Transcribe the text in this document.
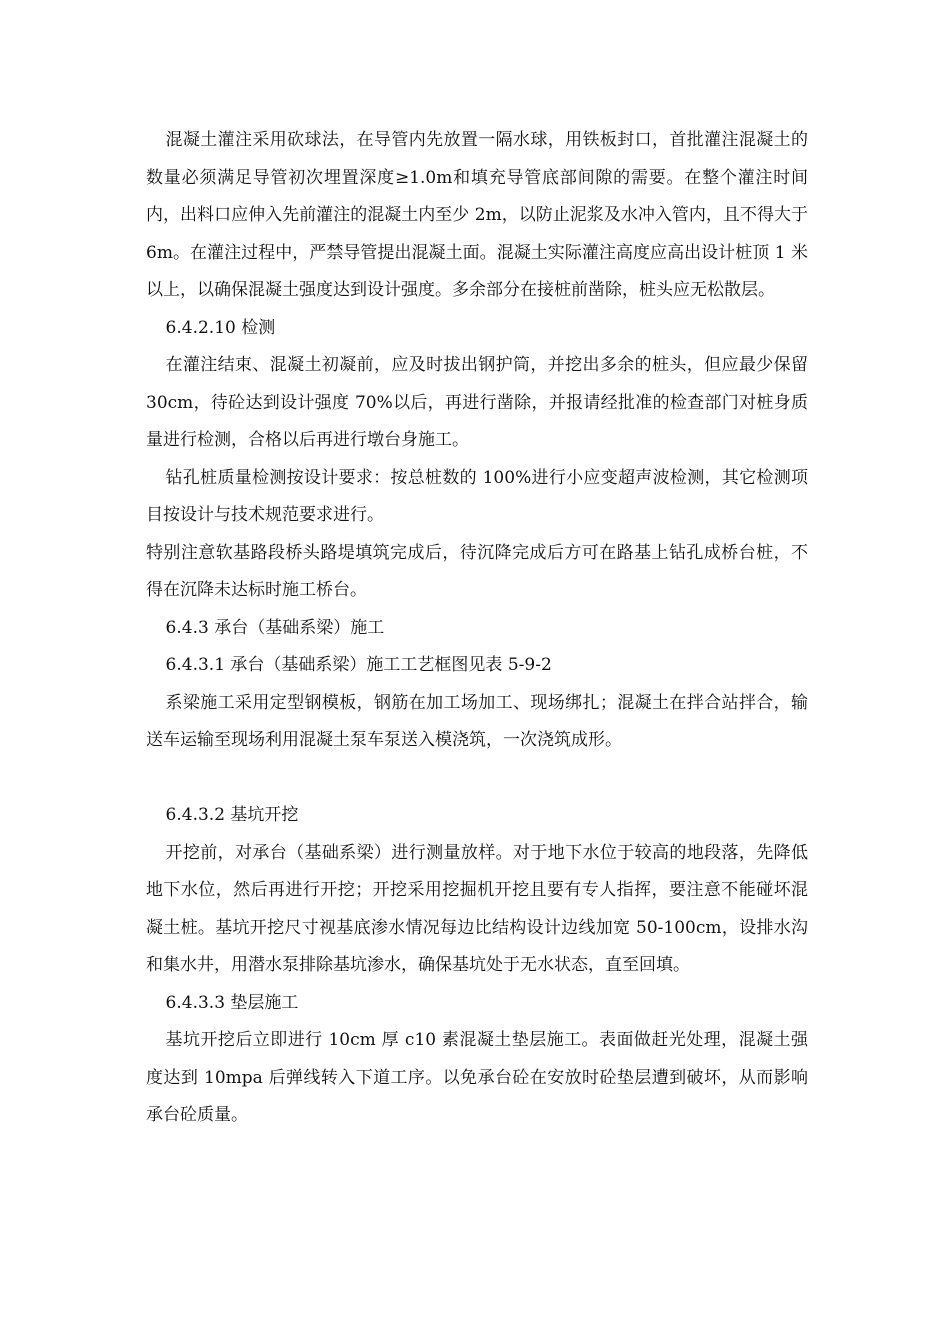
混凝土灌注采用砍球法，在导管内先放置一隔水球，用铁板封口，首批灌注混凝土的数量必须满足导管初次埋置深度≥1.0m和填充导管底部间隙的需要。在整个灌注时间内，出料口应伸入先前灌注的混凝土内至少 2m，以防止泥浆及水冲入管内，且不得大于 6m。在灌注过程中，严禁导管提出混凝土面。混凝土实际灌注高度应高出设计桩顶 1 米以上，以确保混凝土强度达到设计强度。多余部分在接桩前凿除，桩头应无松散层。

6.4.2.10 检测

在灌注结束、混凝土初凝前，应及时拔出钢护筒，并挖出多余的桩头，但应最少保留 30cm，待砼达到设计强度 70%以后，再进行凿除，并报请经批准的检查部门对桩身质量进行检测，合格以后再进行墩台身施工。

钻孔桩质量检测按设计要求：按总桩数的 100%进行小应变超声波检测，其它检测项目按设计与技术规范要求进行。

特别注意软基路段桥头路堤填筑完成后，待沉降完成后方可在路基上钻孔成桥台桩，不得在沉降未达标时施工桥台。

6.4.3 承台（基础系梁）施工

6.4.3.1 承台（基础系梁）施工工艺框图见表 5-9-2

系梁施工采用定型钢模板，钢筋在加工场加工、现场绑扎；混凝土在拌合站拌合，输送车运输至现场利用混凝土泵车泵送入模浇筑，一次浇筑成形。

6.4.3.2 基坑开挖

开挖前，对承台（基础系梁）进行测量放样。对于地下水位于较高的地段落，先降低地下水位，然后再进行开挖；开挖采用挖掘机开挖且要有专人指挥，要注意不能碰坏混凝土桩。基坑开挖尺寸视基底渗水情况每边比结构设计边线加宽 50-100cm，设排水沟和集水井，用潜水泵排除基坑渗水，确保基坑处于无水状态，直至回填。

6.4.3.3 垫层施工

基坑开挖后立即进行 10cm 厚 c10 素混凝土垫层施工。表面做赶光处理，混凝土强度达到 10mpa 后弹线转入下道工序。以免承台砼在安放时砼垫层遭到破坏，从而影响承台砼质量。
